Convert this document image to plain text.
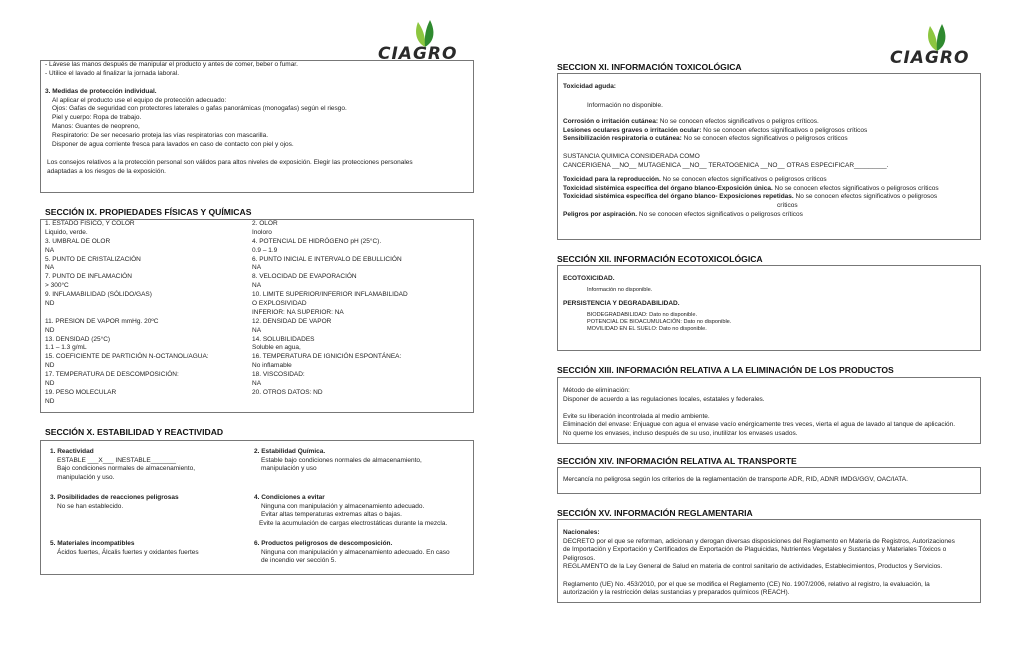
CIAGRO	CIAGRO
- Lávese las manos después de manipular el producto y antes de comer, beber o fumar.
- Utilice el lavado al finalizar la jornada laboral.

3. Medidas de protección individual.
Al aplicar el producto use el equipo de protección adecuado:
Ojos: Gafas de seguridad con protectores laterales o gafas panorámicas (monogafas) según el riesgo.
Piel y cuerpo: Ropa de trabajo.
Manos: Guantes de neopreno,
Respiratorio: De ser necesario proteja las vías respiratorias con mascarilla.
Disponer de agua corriente fresca para lavados en caso de contacto con piel y ojos.

Los consejos relativos a la protección personal son válidos para altos niveles de exposición. Elegir las protecciones personales
adaptadas a los riesgos de la exposición.
SECCIÓN IX. PROPIEDADES FÍSICAS Y QUÍMICAS
1. ESTADO FISICO, Y COLOR
Liquido, verde.
3. UMBRAL DE OLOR
NA
5. PUNTO DE CRISTALIZACIÓN
NA
7. PUNTO DE INFLAMACIÓN
> 300°C
9. INFLAMABILIDAD (SÓLIDO/GAS)
ND

11. PRESION DE VAPOR mmHg. 20ºC
ND
13. DENSIDAD (25°C)
1.1 – 1.3 g/mL
15. COEFICIENTE DE PARTICIÓN N-OCTANOL/AGUA:
ND
17. TEMPERATURA DE DESCOMPOSICIÓN:
ND
19. PESO MOLECULAR
ND
2. OLOR
Inoloro
4. POTENCIAL DE HIDRÓGENO pH (25°C).
0.9 – 1.9
6. PUNTO INICIAL E INTERVALO DE EBULLICIÓN
NA
8. VELOCIDAD DE EVAPORACIÓN
NA
10. LIMITE SUPERIOR/INFERIOR INFLAMABILIDAD
O EXPLOSIVIDAD
INFERIOR: NA SUPERIOR: NA
12. DENSIDAD DE VAPOR
NA
14. SOLUBILIDADES
Soluble en agua,
16. TEMPERATURA DE IGNICIÓN ESPONTÁNEA:
No inflamable
18. VISCOSIDAD:
NA
20. OTROS DATOS: ND
SECCIÓN X. ESTABILIDAD Y REACTIVIDAD
1. Reactividad
ESTABLE ___X___ INESTABLE_______
Bajo condiciones normales de almacenamiento,
manipulación y uso.
2. Estabilidad Química.
Estable bajo condiciones normales de almacenamiento,
manipulación y uso
3. Posibilidades de reacciones peligrosas
No se han establecido.
4. Condiciones a evitar
Ninguna con manipulación y almacenamiento adecuado.
Evitar altas temperaturas extremas altas o bajas.
Evite la acumulación de cargas electrostáticas durante la mezcla.
5. Materiales incompatibles
Ácidos fuertes, Álcalis fuertes y oxidantes fuertes
6. Productos peligrosos de descomposición.
Ninguna con manipulación y almacenamiento adecuado. En caso
de incendio ver sección 5.
SECCION XI. INFORMACIÓN TOXICOLÓGICA
Toxicidad aguda:
Información no disponible.
Corrosión o irritación cutánea: No se conocen efectos significativos o peligros críticos.
Lesiones oculares graves o irritación ocular: No se conocen efectos significativos o peligrosos críticos
Sensibilización respiratoria o cutánea: No se conocen efectos significativos o peligrosos críticos
SUSTANCIA QUIMICA CONSIDERADA COMO
CANCERIGENA __NO__ MUTAGENICA __NO__ TERATOGENICA __NO__ OTRAS ESPECIFICAR_________.
Toxicidad para la reproducción. No se conocen efectos significativos o peligrosos críticos
Toxicidad sistémica específica del órgano blanco-Exposición única. No se conocen efectos significativos o peligrosos críticos
Toxicidad sistémica específica del órgano blanco- Exposiciones repetidas. No se conocen efectos significativos o peligrosos
críticos
Peligros por aspiración. No se conocen efectos significativos o peligrosos críticos
SECCIÓN XII. INFORMACIÓN ECOTOXICOLÓGICA
ECOTOXICIDAD.
Información no disponible.
PERSISTENCIA Y DEGRADABILIDAD.
BIODEGRADABILIDAD: Dato no disponible.
POTENCIAL DE BIOACUMULACIÓN: Dato no disponible.
MOVILIDAD EN EL SUELO: Dato no disponible.
SECCIÓN XIII. INFORMACIÓN RELATIVA A LA ELIMINACIÓN DE LOS PRODUCTOS
Método de eliminación:
Disponer de acuerdo a las regulaciones locales, estatales y federales.

Evite su liberación incontrolada al medio ambiente.
Eliminación del envase: Enjuague con agua el envase vacío enérgicamente tres veces, vierta el agua de lavado al tanque de aplicación.
No queme los envases, incluso después de su uso, inutilizar los envases usados.
SECCIÓN XIV. INFORMACIÓN RELATIVA AL TRANSPORTE
Mercancía no peligrosa según los criterios de la reglamentación de transporte ADR, RID, ADNR IMDG/GGV, OAC/IATA.
SECCIÓN XV. INFORMACIÓN REGLAMENTARIA
Nacionales:
DECRETO por el que se reforman, adicionan y derogan diversas disposiciones del Reglamento en Materia de Registros, Autorizaciones
de Importación y Exportación y Certificados de Exportación de Plaguicidas, Nutrientes Vegetales y Sustancias y Materiales Tóxicos o
Peligrosos.
REGLAMENTO de la Ley General de Salud en materia de control sanitario de actividades, Establecimientos, Productos y Servicios.

Reglamento (UE) No. 453/2010, por el que se modifica el Reglamento (CE) No. 1907/2006, relativo al registro, la evaluación, la
autorización y la restricción delas sustancias y preparados químicos (REACH).
